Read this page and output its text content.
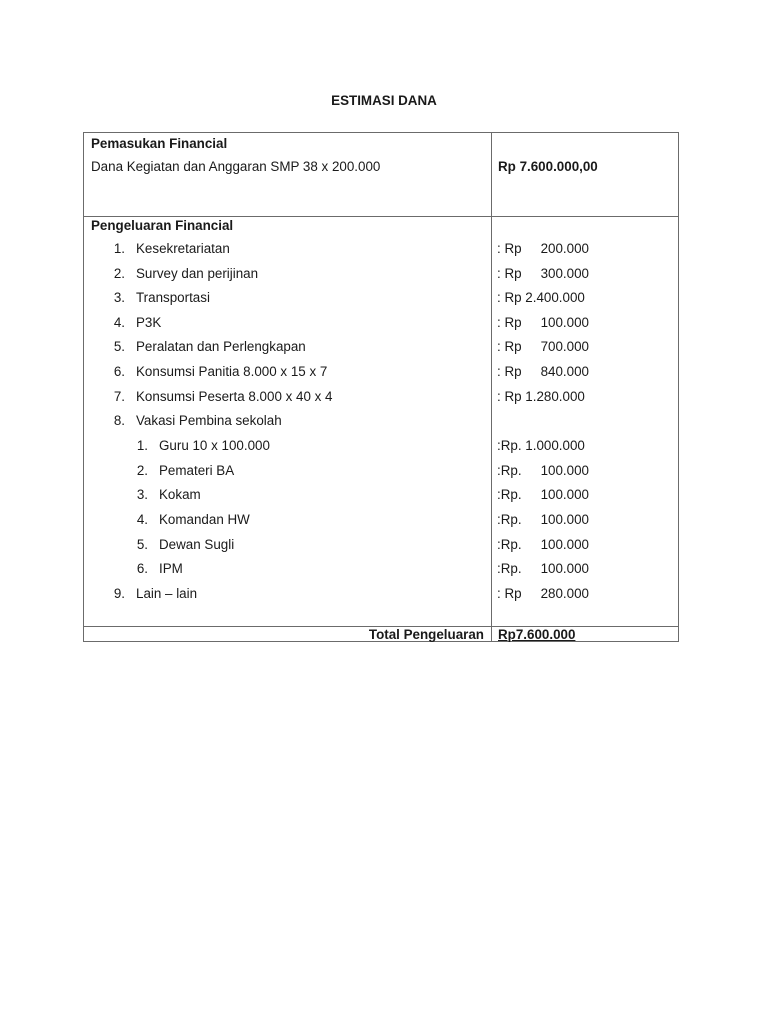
ESTIMASI DANA
Pemasukan Financial
Dana Kegiatan dan Anggaran SMP 38 x 200.000	Rp 7.600.000,00
Pengeluaran Financial
1. Kesekretariatan	: Rp	200.000
2. Survey dan perijinan	: Rp	300.000
3. Transportasi	: Rp 2.400.000
4. P3K	: Rp	100.000
5. Peralatan dan Perlengkapan	: Rp	700.000
6. Konsumsi Panitia 8.000 x 15 x 7	: Rp	840.000
7. Konsumsi Peserta 8.000 x 40 x 4	: Rp 1.280.000
8. Vakasi Pembina sekolah
1. Guru 10 x 100.000	:Rp. 1.000.000
2. Pemateri BA	:Rp.	100.000
3. Kokam	:Rp.	100.000
4. Komandan HW	:Rp.	100.000
5. Dewan Sugli	:Rp.	100.000
6. IPM	:Rp.	100.000
9. Lain – lain	: Rp	280.000
Total Pengeluaran Rp7.600.000
